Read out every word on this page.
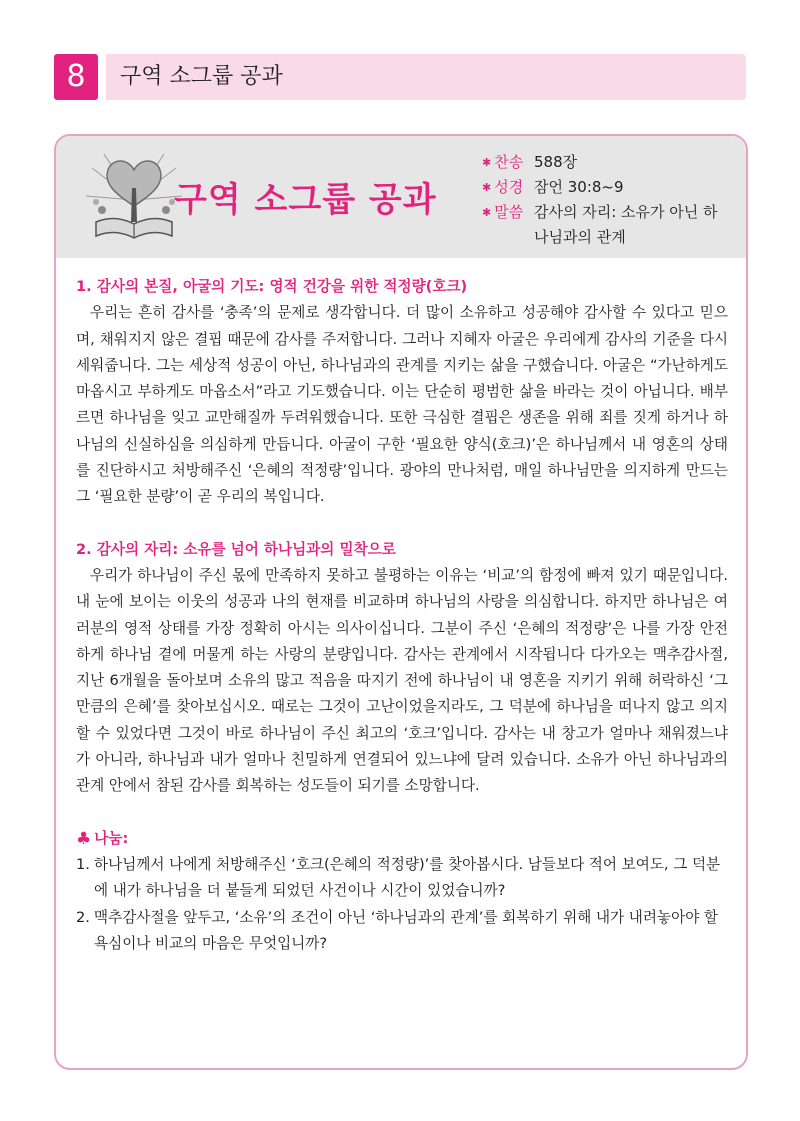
8	구역 소그룹 공과
구역 소그룹 공과
✱ 찬송 588장
✱ 성경 잠언 30:8~9
✱ 말씀 감사의 자리: 소유가 아닌 하나님과의 관계

1. 감사의 본질, 아굴의 기도: 영적 건강을 위한 적정량(호크)

우리는 흔히 감사를 ‘충족’의 문제로 생각합니다. 더 많이 소유하고 성공해야 감사할 수 있다고 믿으며, 채워지지 않은 결핍 때문에 감사를 주저합니다. 그러나 지혜자 아굴은 우리에게 감사의 기준을 다시 세워줍니다. 그는 세상적 성공이 아닌, 하나님과의 관계를 지키는 삶을 구했습니다. 아굴은 “가난하게도 마옵시고 부하게도 마옵소서”라고 기도했습니다. 이는 단순히 평범한 삶을 바라는 것이 아닙니다. 배부르면 하나님을 잊고 교만해질까 두려워했습니다. 또한 극심한 결핍은 생존을 위해 죄를 짓게 하거나 하나님의 신실하심을 의심하게 만듭니다. 아굴이 구한 ‘필요한 양식(호크)’은 하나님께서 내 영혼의 상태를 진단하시고 처방해주신 ‘은혜의 적정량’입니다. 광야의 만나처럼, 매일 하나님만을 의지하게 만드는 그 ‘필요한 분량’이 곧 우리의 복입니다.

2. 감사의 자리: 소유를 넘어 하나님과의 밀착으로

우리가 하나님이 주신 몫에 만족하지 못하고 불평하는 이유는 ‘비교’의 함정에 빠져 있기 때문입니다. 내 눈에 보이는 이웃의 성공과 나의 현재를 비교하며 하나님의 사랑을 의심합니다. 하지만 하나님은 여러분의 영적 상태를 가장 정확히 아시는 의사이십니다. 그분이 주신 ‘은혜의 적정량’은 나를 가장 안전하게 하나님 곁에 머물게 하는 사랑의 분량입니다. 감사는 관계에서 시작됩니다 다가오는 맥추감사절, 지난 6개월을 돌아보며 소유의 많고 적음을 따지기 전에 하나님이 내 영혼을 지키기 위해 허락하신 ‘그만큼의 은혜’를 찾아보십시오. 때로는 그것이 고난이었을지라도, 그 덕분에 하나님을 떠나지 않고 의지할 수 있었다면 그것이 바로 하나님이 주신 최고의 ‘호크’입니다. 감사는 내 창고가 얼마나 채워졌느냐가 아니라, 하나님과 내가 얼마나 친밀하게 연결되어 있느냐에 달려 있습니다. 소유가 아닌 하나님과의 관계 안에서 참된 감사를 회복하는 성도들이 되기를 소망합니다.

♣ 나눔:

1. 하나님께서 나에게 처방해주신 ‘호크(은혜의 적정량)’를 찾아봅시다. 남들보다 적어 보여도, 그 덕분에 내가 하나님을 더 붙들게 되었던 사건이나 시간이 있었습니까?
2. 맥추감사절을 앞두고, ‘소유’의 조건이 아닌 ‘하나님과의 관계’를 회복하기 위해 내가 내려놓아야 할 욕심이나 비교의 마음은 무엇입니까?
